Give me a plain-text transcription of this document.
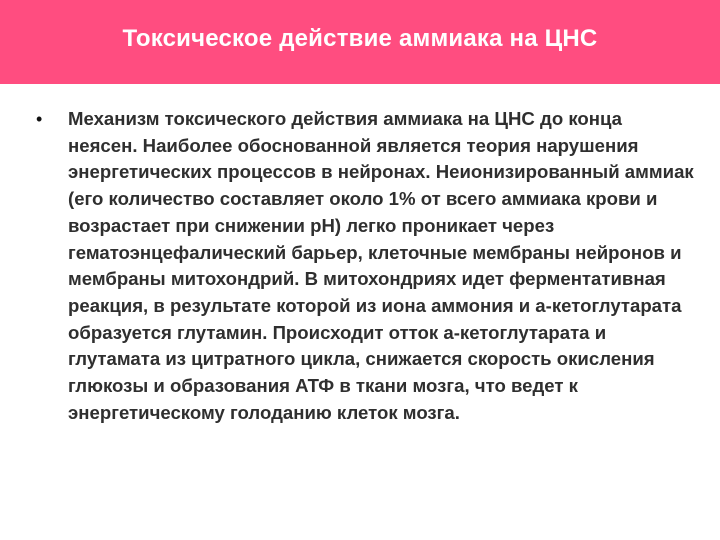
Токсическое действие аммиака на ЦНС
•	Механизм токсического действия аммиака на ЦНС до конца неясен. Наиболее обоснованной является теория нарушения энергетических процессов в нейронах. Неионизированный аммиак (его количество составляет около 1% от всего аммиака крови и возрастает при снижении pH) легко проникает через гематоэнцефалический барьер, клеточные мембраны нейронов и мембраны митохондрий. В митохондриях идет ферментативная реакция, в результате которой из иона аммония и а-кетоглутарата образуется глутамин. Происходит отток а-кетоглутарата и глутамата из цитратного цикла, снижается скорость окисления глюкозы и образования АТФ в ткани мозга, что ведет к энергетическому голоданию клеток мозга.
